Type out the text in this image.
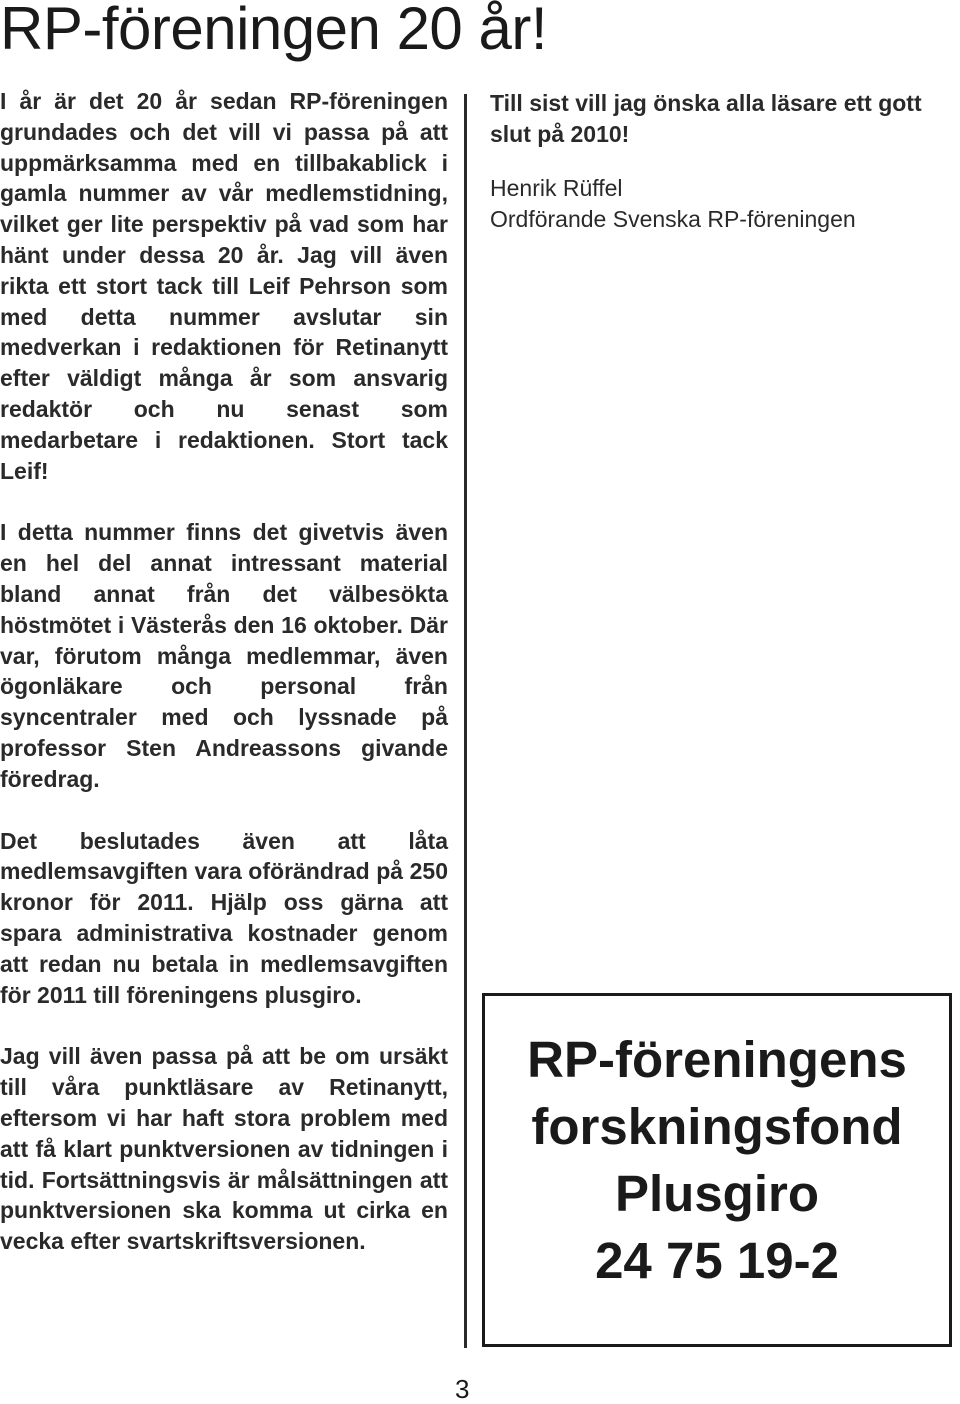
RP-föreningen 20 år!

I år är det 20 år sedan RP-föreningen grundades och det vill vi passa på att uppmärksamma med en tillbakablick i gamla nummer av vår medlemstidning, vilket ger lite perspektiv på vad som har hänt under dessa 20 år. Jag vill även rikta ett stort tack till Leif Pehrson som med detta nummer avslutar sin medverkan i redaktionen för Retinanytt efter väldigt många år som ansvarig redaktör och nu senast som medarbetare i redaktionen. Stort tack Leif!

I detta nummer finns det givetvis även en hel del annat intressant material bland annat från det välbesökta höstmötet i Västerås den 16 oktober. Där var, förutom många medlemmar, även ögonläkare och personal från syncentraler med och lyssnade på professor Sten Andreassons givande föredrag.

Det beslutades även att låta medlemsavgiften vara oförändrad på 250 kronor för 2011. Hjälp oss gärna att spara administrativa kostnader genom att redan nu betala in medlemsavgiften för 2011 till föreningens plusgiro.

Jag vill även passa på att be om ursäkt till våra punktläsare av Retinanytt, eftersom vi har haft stora problem med att få klart punktversionen av tidningen i tid. Fortsättningsvis är målsättningen att punktversionen ska komma ut cirka en vecka efter svartskriftsversionen.

Till sist vill jag önska alla läsare ett gott slut på 2010!

Henrik Rüffel
Ordförande Svenska RP-föreningen

RP-föreningens
forskningsfond
Plusgiro
24 75 19-2
3
